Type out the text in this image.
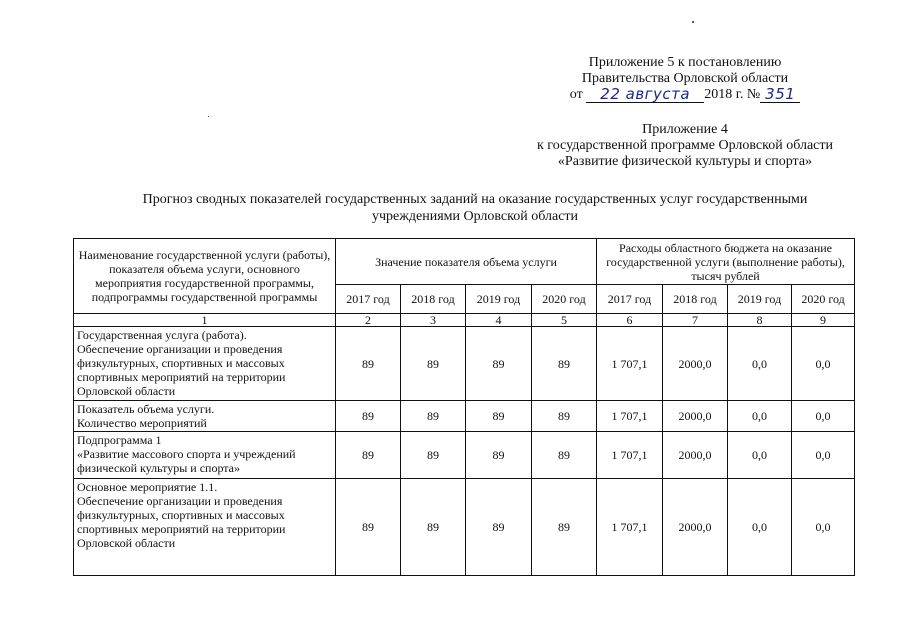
Приложение 5 к постановлению
Правительства Орловской области
от
	22 августа	2018 г. № 351
Приложение 4
к государственной программе Орловской области
«Развитие физической культуры и спорта»
Прогноз сводных показателей государственных заданий на оказание государственных услуг государственными
учреждениями Орловской области
Наименование государственной услуги (работы), показателя объема услуги, основного мероприятия государственной программы, подпрограммы государственной программы	Значение показателя объема услуги				Расходы областного бюджета на оказание государственной услуги (выполнение работы), тысяч рублей			
	2017 год	2018 год	2019 год	2020 год	2017 год	2018 год	2019 год	2020 год
1	2	3	4	5	6	7	8	9
Государственная услуга (работа).
Обеспечение организации и проведения физкультурных, спортивных и массовых спортивных мероприятий на территории Орловской области	89	89	89	89	1 707,1	2000,0	0,0	0,0
Показатель объема услуги.
Количество мероприятий	89	89	89	89	1 707,1	2000,0	0,0	0,0
Подпрограмма 1
«Развитие массового спорта и учреждений физической культуры и спорта»	89	89	89	89	1 707,1	2000,0	0,0	0,0
Основное мероприятие 1.1.
Обеспечение организации и проведения физкультурных, спортивных и массовых спортивных мероприятий на территории Орловской области	89	89	89	89	1 707,1	2000,0	0,0	0,0
